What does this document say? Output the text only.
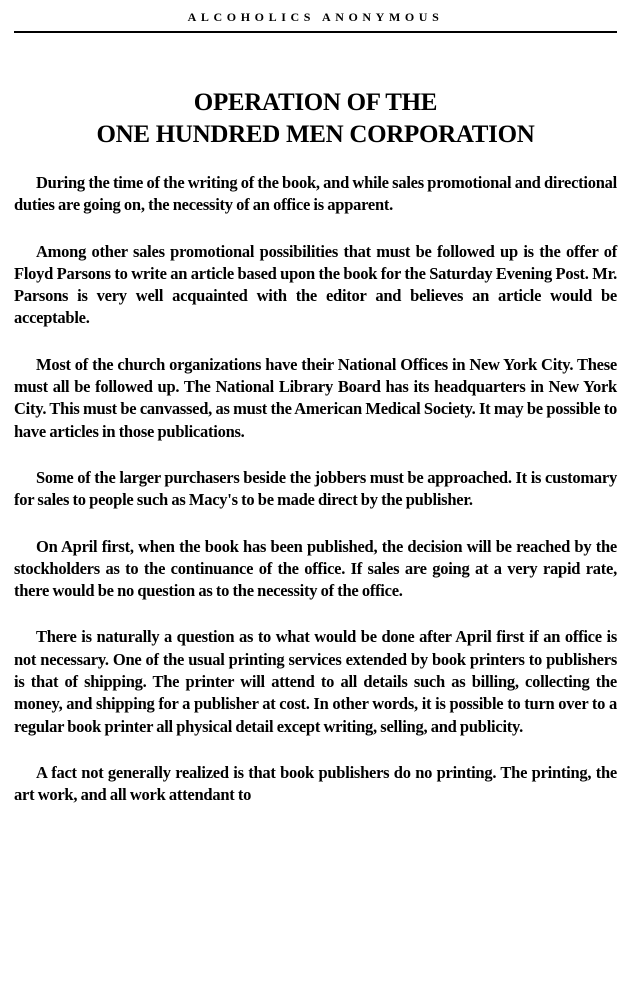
ALCOHOLICS ANONYMOUS
OPERATION OF THE
ONE HUNDRED MEN CORPORATION

During the time of the writing of the book, and while sales promotional and directional duties are going on, the necessity of an office is apparent.

Among other sales promotional possibilities that must be followed up is the offer of Floyd Parsons to write an article based upon the book for the Saturday Evening Post. Mr. Parsons is very well acquainted with the editor and believes an article would be acceptable.

Most of the church organizations have their National Offices in New York City. These must all be followed up. The National Library Board has its headquarters in New York City. This must be canvassed, as must the American Medical Society. It may be possible to have articles in those publications.

Some of the larger purchasers beside the jobbers must be approached. It is customary for sales to people such as Macy's to be made direct by the publisher.

On April first, when the book has been published, the decision will be reached by the stockholders as to the continuance of the office. If sales are going at a very rapid rate, there would be no question as to the necessity of the office.

There is naturally a question as to what would be done after April first if an office is not necessary. One of the usual printing services extended by book printers to publishers is that of shipping. The printer will attend to all details such as billing, collecting the money, and shipping for a publisher at cost. In other words, it is possible to turn over to a regular book printer all physical detail except writing, selling, and publicity.

A fact not generally realized is that book publishers do no printing. The printing, the art work, and all work attendant to
